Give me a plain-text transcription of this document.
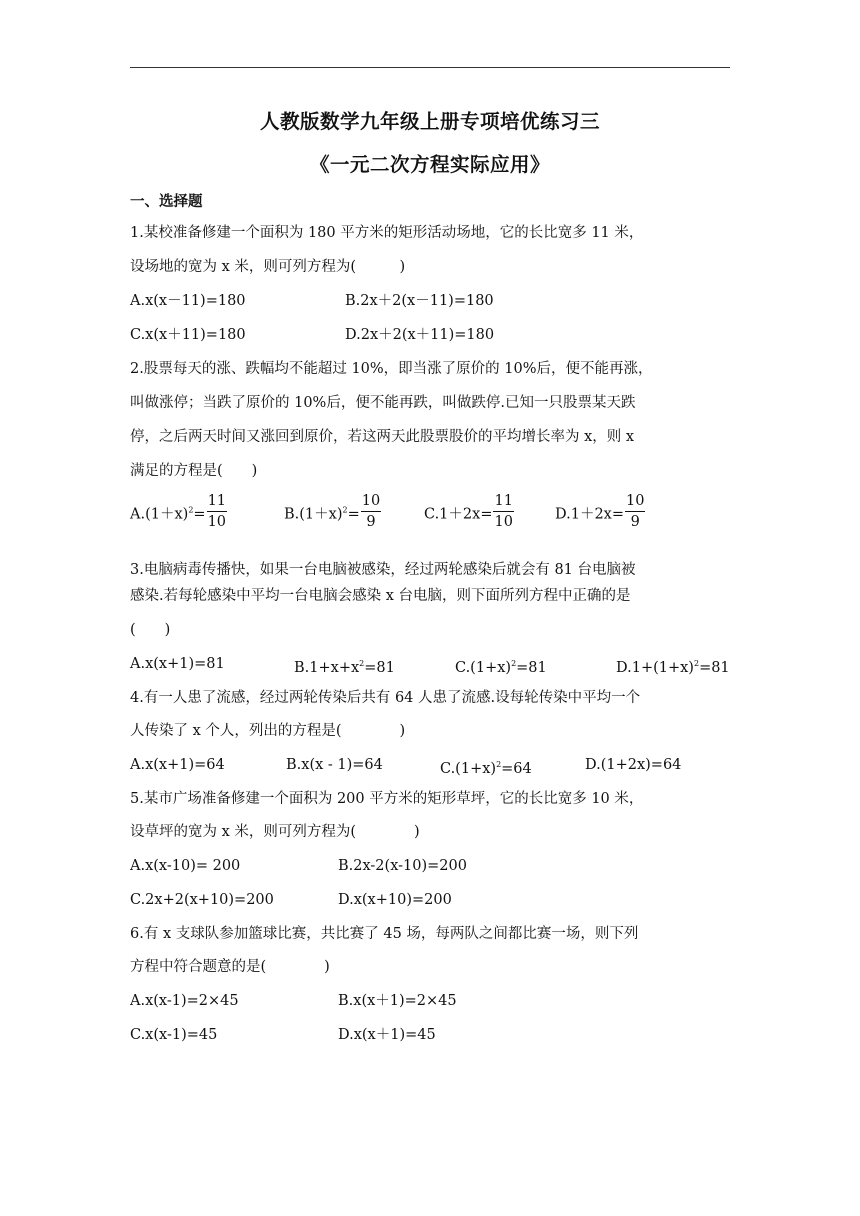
人教版数学九年级上册专项培优练习三
《一元二次方程实际应用》
一、选择题
1.某校准备修建一个面积为 180 平方米的矩形活动场地，它的长比宽多 11 米，
设场地的宽为 x 米，则可列方程为(　　　)
A.x(x－11)=180	B.2x＋2(x－11)=180
C.x(x＋11)=180	D.2x＋2(x＋11)=180
2.股票每天的涨、跌幅均不能超过 10%，即当涨了原价的 10%后，便不能再涨，
叫做涨停；当跌了原价的 10%后，便不能再跌，叫做跌停.已知一只股票某天跌
停，之后两天时间又涨回到原价，若这两天此股票股价的平均增长率为 x，则 x
满足的方程是(　　)
$A.(1+x)^2= \frac{11}{10}$	$B.(1+x)^2= \frac{10}{9}$	$C.1+2x= \frac{11}{10}$	$D.1+2x= \frac{10}{9}$
3.电脑病毒传播快，如果一台电脑被感染，经过两轮感染后就会有 81 台电脑被
感染.若每轮感染中平均一台电脑会感染 x 台电脑，则下面所列方程中正确的是
(　　)
A.x(x+1)=81	$B.1+x+x^2=81$	$C.(1+x)^2=81$	$D.1+(1+x)^2=81$
4.有一人患了流感，经过两轮传染后共有 64 人患了流感.设每轮传染中平均一个
人传染了 x 个人，列出的方程是(　　　　)
A.x(x+1)=64	B.x(x - 1)=64	$C.(1+x)^2=64$	D.(1+2x)=64
5.某市广场准备修建一个面积为 200 平方米的矩形草坪，它的长比宽多 10 米，
设草坪的宽为 x 米，则可列方程为(　　　　)
A.x(x-10)= 200	B.2x-2(x-10)=200
C.2x+2(x+10)=200	D.x(x+10)=200
6.有 x 支球队参加篮球比赛，共比赛了 45 场，每两队之间都比赛一场，则下列
方程中符合题意的是(　　　　)
A.x(x-1)=2×45	B.x(x＋1)=2×45
C.x(x-1)=45	D.x(x＋1)=45
